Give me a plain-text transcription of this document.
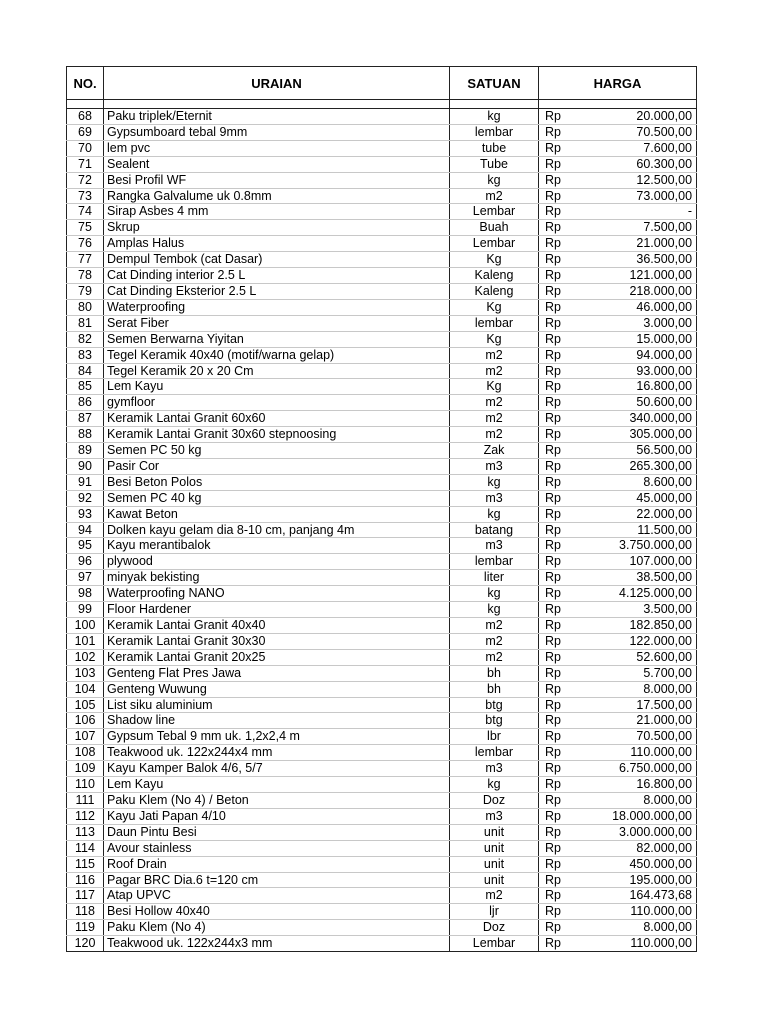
NO.	URAIAN	SATUAN	HARGA	

68	Paku triplek/Eternit	kg	Rp	20.000,00
69	Gypsumboard tebal 9mm	lembar	Rp	70.500,00
70	lem pvc	tube	Rp	7.600,00
71	Sealent	Tube	Rp	60.300,00
72	Besi Profil WF	kg	Rp	12.500,00
73	Rangka Galvalume uk 0.8mm	m2	Rp	73.000,00
74	Sirap Asbes 4 mm	Lembar	Rp	-
75	Skrup	Buah	Rp	7.500,00
76	Amplas Halus	Lembar	Rp	21.000,00
77	Dempul Tembok (cat Dasar)	Kg	Rp	36.500,00
78	Cat Dinding interior 2.5 L	Kaleng	Rp	121.000,00
79	Cat Dinding Eksterior 2.5 L	Kaleng	Rp	218.000,00
80	Waterproofing	Kg	Rp	46.000,00
81	Serat Fiber	lembar	Rp	3.000,00
82	Semen Berwarna Yiyitan	Kg	Rp	15.000,00
83	Tegel Keramik 40x40 (motif/warna gelap)	m2	Rp	94.000,00
84	Tegel Keramik 20 x 20 Cm	m2	Rp	93.000,00
85	Lem Kayu	Kg	Rp	16.800,00
86	gymfloor	m2	Rp	50.600,00
87	Keramik Lantai Granit 60x60	m2	Rp	340.000,00
88	Keramik Lantai Granit 30x60 stepnoosing	m2	Rp	305.000,00
89	Semen PC 50 kg	Zak	Rp	56.500,00
90	Pasir Cor	m3	Rp	265.300,00
91	Besi Beton Polos	kg	Rp	8.600,00
92	Semen PC 40 kg	m3	Rp	45.000,00
93	Kawat Beton	kg	Rp	22.000,00
94	Dolken kayu gelam dia 8-10 cm, panjang 4m	batang	Rp	11.500,00
95	Kayu merantibalok	m3	Rp	3.750.000,00
96	plywood	lembar	Rp	107.000,00
97	minyak bekisting	liter	Rp	38.500,00
98	Waterproofing NANO	kg	Rp	4.125.000,00
99	Floor Hardener	kg	Rp	3.500,00
100	Keramik Lantai Granit 40x40	m2	Rp	182.850,00
101	Keramik Lantai Granit 30x30	m2	Rp	122.000,00
102	Keramik Lantai Granit 20x25	m2	Rp	52.600,00
103	Genteng Flat Pres Jawa	bh	Rp	5.700,00
104	Genteng Wuwung	bh	Rp	8.000,00
105	List siku aluminium	btg	Rp	17.500,00
106	Shadow line	btg	Rp	21.000,00
107	Gypsum Tebal 9 mm uk. 1,2x2,4 m	lbr	Rp	70.500,00
108	Teakwood uk. 122x244x4 mm	lembar	Rp	110.000,00
109	Kayu Kamper Balok 4/6, 5/7	m3	Rp	6.750.000,00
110	Lem Kayu	kg	Rp	16.800,00
111	Paku Klem (No 4) / Beton	Doz	Rp	8.000,00
112	Kayu Jati Papan 4/10	m3	Rp	18.000.000,00
113	Daun Pintu Besi	unit	Rp	3.000.000,00
114	Avour stainless	unit	Rp	82.000,00
115	Roof Drain	unit	Rp	450.000,00
116	Pagar BRC Dia.6 t=120 cm	unit	Rp	195.000,00
117	Atap UPVC	m2	Rp	164.473,68
118	Besi Hollow 40x40	ljr	Rp	110.000,00
119	Paku Klem (No 4)	Doz	Rp	8.000,00
120	Teakwood uk. 122x244x3 mm	Lembar	Rp	110.000,00
